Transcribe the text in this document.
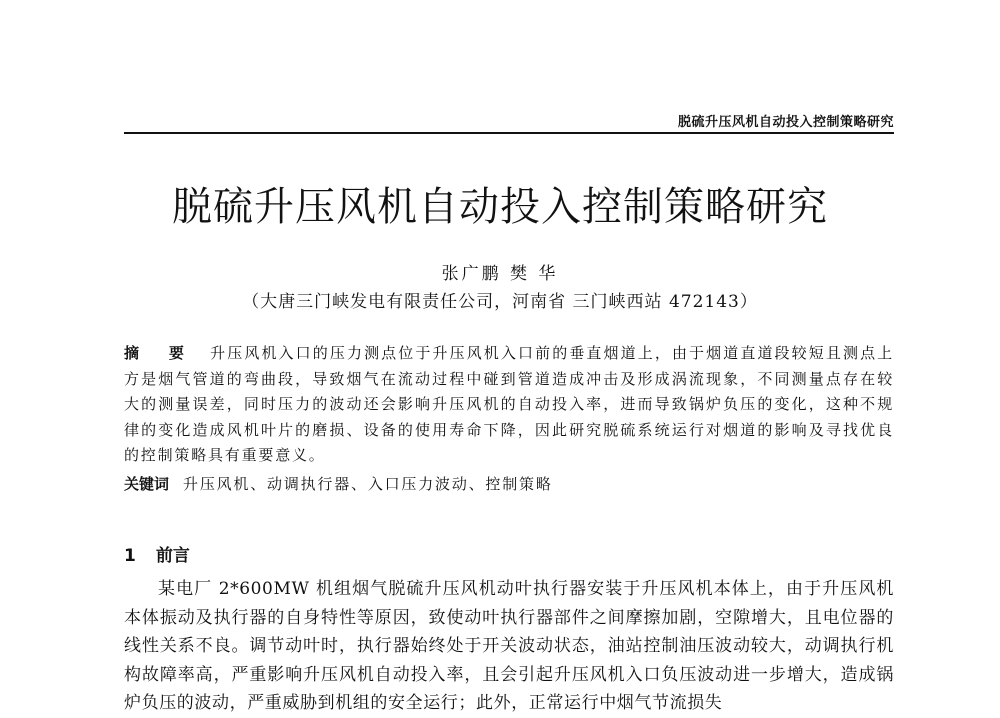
脱硫升压风机自动投入控制策略研究
脱硫升压风机自动投入控制策略研究
张广鹏 樊 华
（大唐三门峡发电有限责任公司，河南省 三门峡西站 472143）
摘 要 升压风机入口的压力测点位于升压风机入口前的垂直烟道上，由于烟道直道段较短且测点上方是烟气管道的弯曲段，导致烟气在流动过程中碰到管道造成冲击及形成涡流现象，不同测量点存在较大的测量误差，同时压力的波动还会影响升压风机的自动投入率，进而导致锅炉负压的变化，这种不规律的变化造成风机叶片的磨损、设备的使用寿命下降，因此研究脱硫系统运行对烟道的影响及寻找优良的控制策略具有重要意义。
关键词 升压风机、动调执行器、入口压力波动、控制策略
1 前言

某电厂 2*600MW 机组烟气脱硫升压风机动叶执行器安装于升压风机本体上，由于升压风机本体振动及执行器的自身特性等原因，致使动叶执行器部件之间摩擦加剧，空隙增大，且电位器的线性关系不良。调节动叶时，执行器始终处于开关波动状态，油站控制油压波动较大，动调执行机构故障率高，严重影响升压风机自动投入率，且会引起升压风机入口负压波动进一步增大，造成锅炉负压的波动，严重威胁到机组的安全运行；此外，正常运行中烟气节流损失
